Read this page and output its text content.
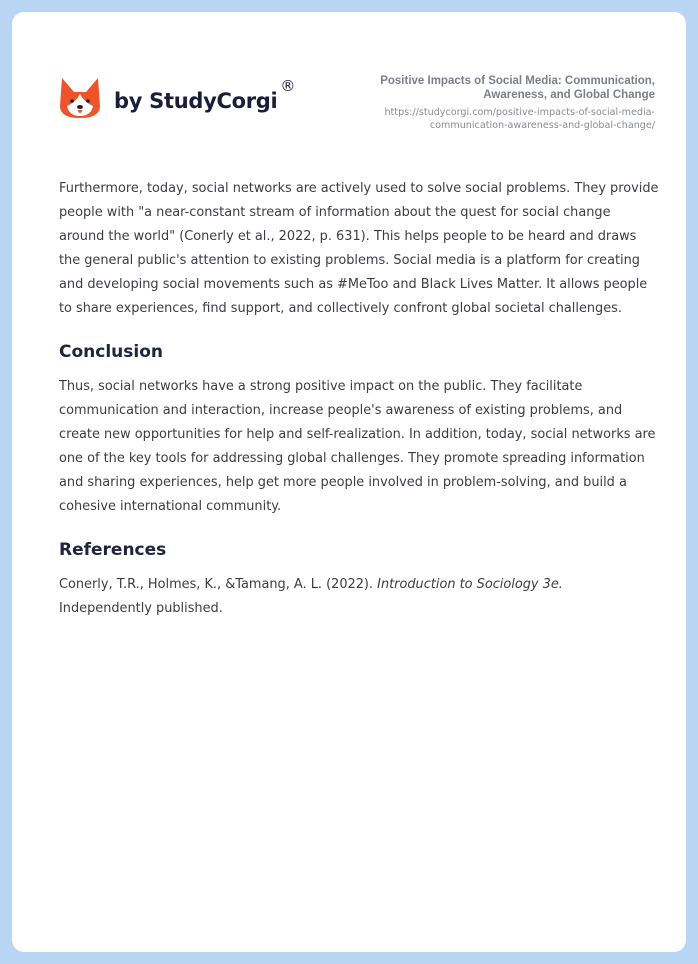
by StudyCorgi
®	Positive Impacts of Social Media: Communication, Awareness, and Global Change
https://studycorgi.com/positive-impacts-of-social-media-communication-awareness-and-global-change/

Furthermore, today, social networks are actively used to solve social problems. They provide people with "a near-constant stream of information about the quest for social change around the world" (Conerly et al., 2022, p. 631). This helps people to be heard and draws the general public's attention to existing problems. Social media is a platform for creating and developing social movements such as #MeToo and Black Lives Matter. It allows people to share experiences, find support, and collectively confront global societal challenges.

Conclusion

Thus, social networks have a strong positive impact on the public. They facilitate communication and interaction, increase people's awareness of existing problems, and create new opportunities for help and self-realization. In addition, today, social networks are one of the key tools for addressing global challenges. They promote spreading information and sharing experiences, help get more people involved in problem-solving, and build a cohesive international community.

References

Conerly, T.R., Holmes, K., &Tamang, A. L. (2022). Introduction to Sociology 3e. Independently published.
